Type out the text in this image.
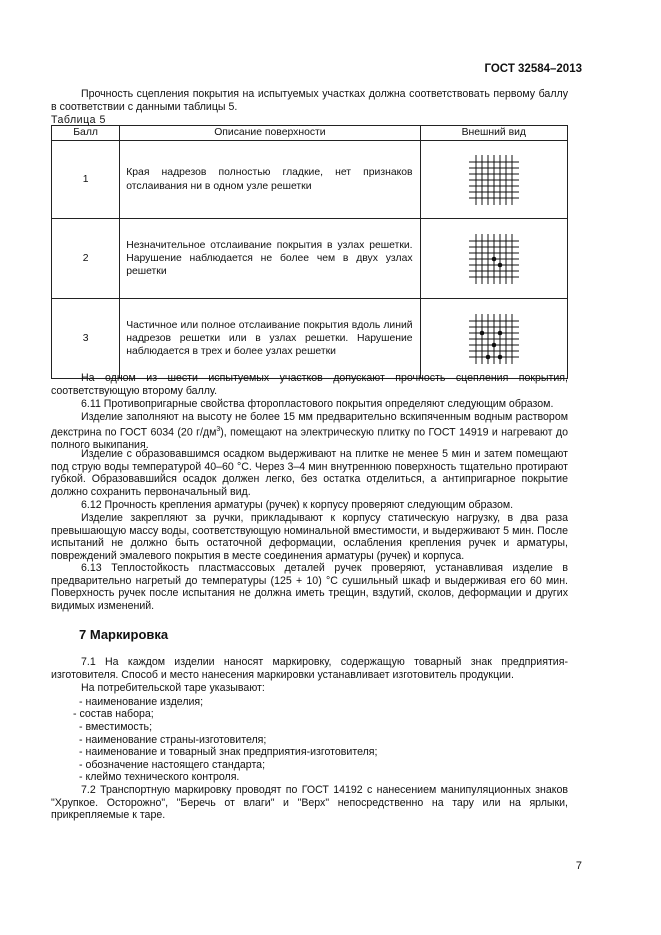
ГОСТ 32584–2013

Прочность сцепления покрытия на испытуемых участках должна соответствовать первому баллу в соответствии с данными таблицы 5.

Таблица 5
Балл	Описание поверхности	Внешний вид
1	Края надрезов полностью гладкие, нет признаков отслаивания ни в одном узле решетки	

2	Незначительное отслаивание покрытия в узлах решетки. Нарушение наблюдается не более чем в двух узлах решетки	

3	Частичное или полное отслаивание покрытия вдоль линий надрезов решетки или в узлах решетки. Нарушение наблюдается в трех и более узлах решетки	

На одном из шести испытуемых участков допускают прочность сцепления покрытия, соответствующую второму баллу.

6.11 Противопригарные свойства фторопластового покрытия определяют следующим образом.

Изделие заполняют на высоту не более 15 мм предварительно вскипяченным водным раствором декстрина по ГОСТ 6034 (20 $г/дм^3$), помещают на электрическую плитку по ГОСТ 14919 и нагревают до полного выкипания.

Изделие с образовавшимся осадком выдерживают на плитке не менее 5 мин и затем помещают под струю воды температурой 40–60 °С. Через 3–4 мин внутреннюю поверхность тщательно протирают губкой. Образовавшийся осадок должен легко, без остатка отделиться, а антипригарное покрытие должно сохранить первоначальный вид.

6.12 Прочность крепления арматуры (ручек) к корпусу проверяют следующим образом.

Изделие закрепляют за ручки, прикладывают к корпусу статическую нагрузку, в два раза превышающую массу воды, соответствующую номинальной вместимости, и выдерживают 5 мин. После испытаний не должно быть остаточной деформации, ослабления крепления ручек и арматуры, повреждений эмалевого покрытия в месте соединения арматуры (ручек) и корпуса.

6.13 Теплостойкость пластмассовых деталей ручек проверяют, устанавливая изделие в предварительно нагретый до температуры (125 + 10) °С сушильный шкаф и выдерживая его 60 мин. Поверхность ручек после испытания не должна иметь трещин, вздутий, сколов, деформации и других видимых изменений.

7 Маркировка

7.1 На каждом изделии наносят маркировку, содержащую товарный знак предприятия-изготовителя. Способ и место нанесения маркировки устанавливает изготовитель продукции.

На потребительской таре указывают:

- наименование изделия;

- состав набора;

- вместимость;

- наименование страны-изготовителя;

- наименование и товарный знак предприятия-изготовителя;

- обозначение настоящего стандарта;

- клеймо технического контроля.

7.2 Транспортную маркировку проводят по ГОСТ 14192 с нанесением манипуляционных знаков "Хрупкое. Осторожно", "Беречь от влаги" и "Верх" непосредственно на тару или на ярлыки, прикрепляемые к таре.

7
